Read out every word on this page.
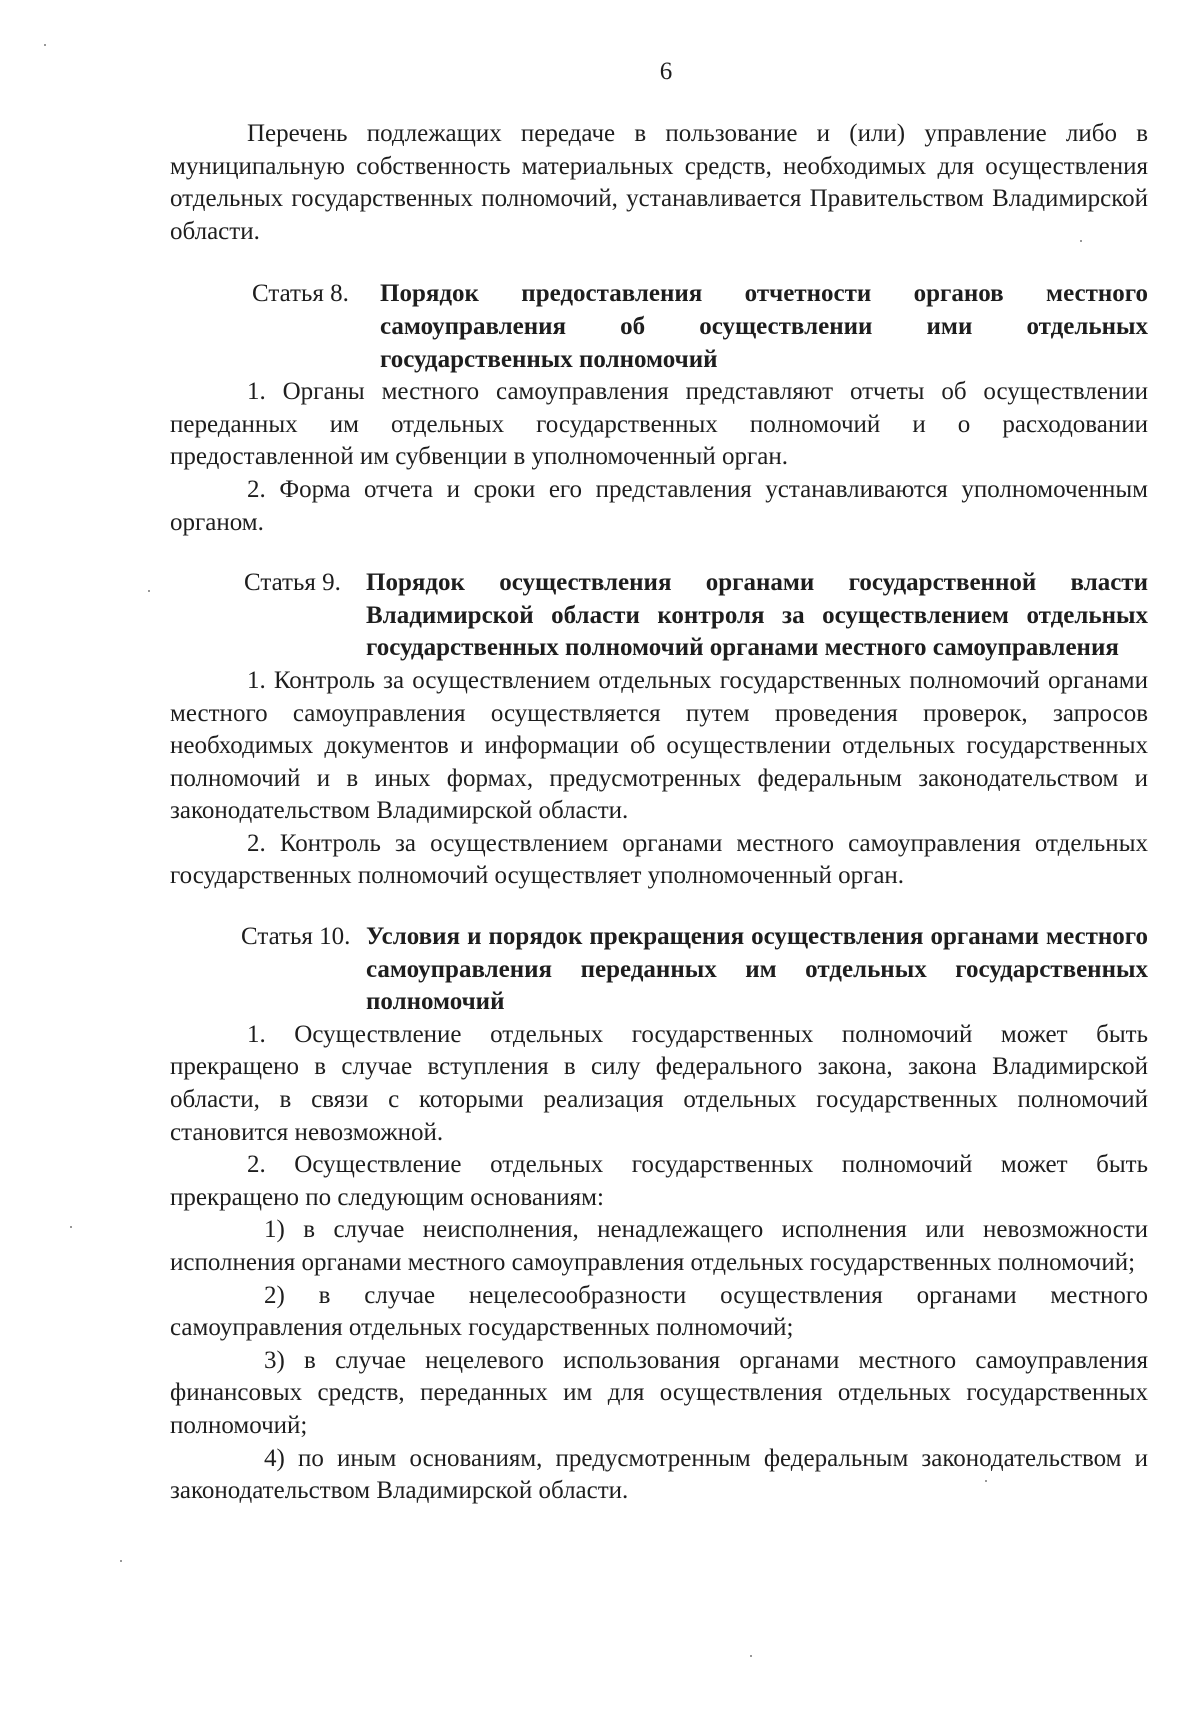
6

Перечень подлежащих передаче в пользование и (или) управление либо в муниципальную собственность материальных средств, необходимых для осуществления отдельных государственных полномочий, устанавливается Правительством Владимирской области.

Статья 8.	Порядок предоставления отчетности органов местного самоуправления об осуществлении ими отдельных государственных полномочий

1. Органы местного самоуправления представляют отчеты об осуществлении переданных им отдельных государственных полномочий и о расходовании предоставленной им субвенции в уполномоченный орган.

2. Форма отчета и сроки его представления устанавливаются уполномоченным органом.

Статья 9.	Порядок осуществления органами государственной власти Владимирской области контроля за осуществлением отдельных государственных полномочий органами местного самоуправления

1. Контроль за осуществлением отдельных государственных полномочий органами местного самоуправления осуществляется путем проведения проверок, запросов необходимых документов и информации об осуществлении отдельных государственных полномочий и в иных формах, предусмотренных федеральным законодательством и законодательством Владимирской области.

2. Контроль за осуществлением органами местного самоуправления отдельных государственных полномочий осуществляет уполномоченный орган.

Статья 10. Условия и порядок прекращения осуществления органами местного самоуправления переданных им отдельных государственных полномочий

1. Осуществление отдельных государственных полномочий может быть прекращено в случае вступления в силу федерального закона, закона Владимирской области, в связи с которыми реализация отдельных государственных полномочий становится невозможной.

2. Осуществление отдельных государственных полномочий может быть прекращено по следующим основаниям:

1) в случае неисполнения, ненадлежащего исполнения или невозможности исполнения органами местного самоуправления отдельных государственных полномочий;

2) в случае нецелесообразности осуществления органами местного самоуправления отдельных государственных полномочий;

3) в случае нецелевого использования органами местного самоуправления финансовых средств, переданных им для осуществления отдельных государственных полномочий;

4) по иным основаниям, предусмотренным федеральным законодательством и законодательством Владимирской области.
